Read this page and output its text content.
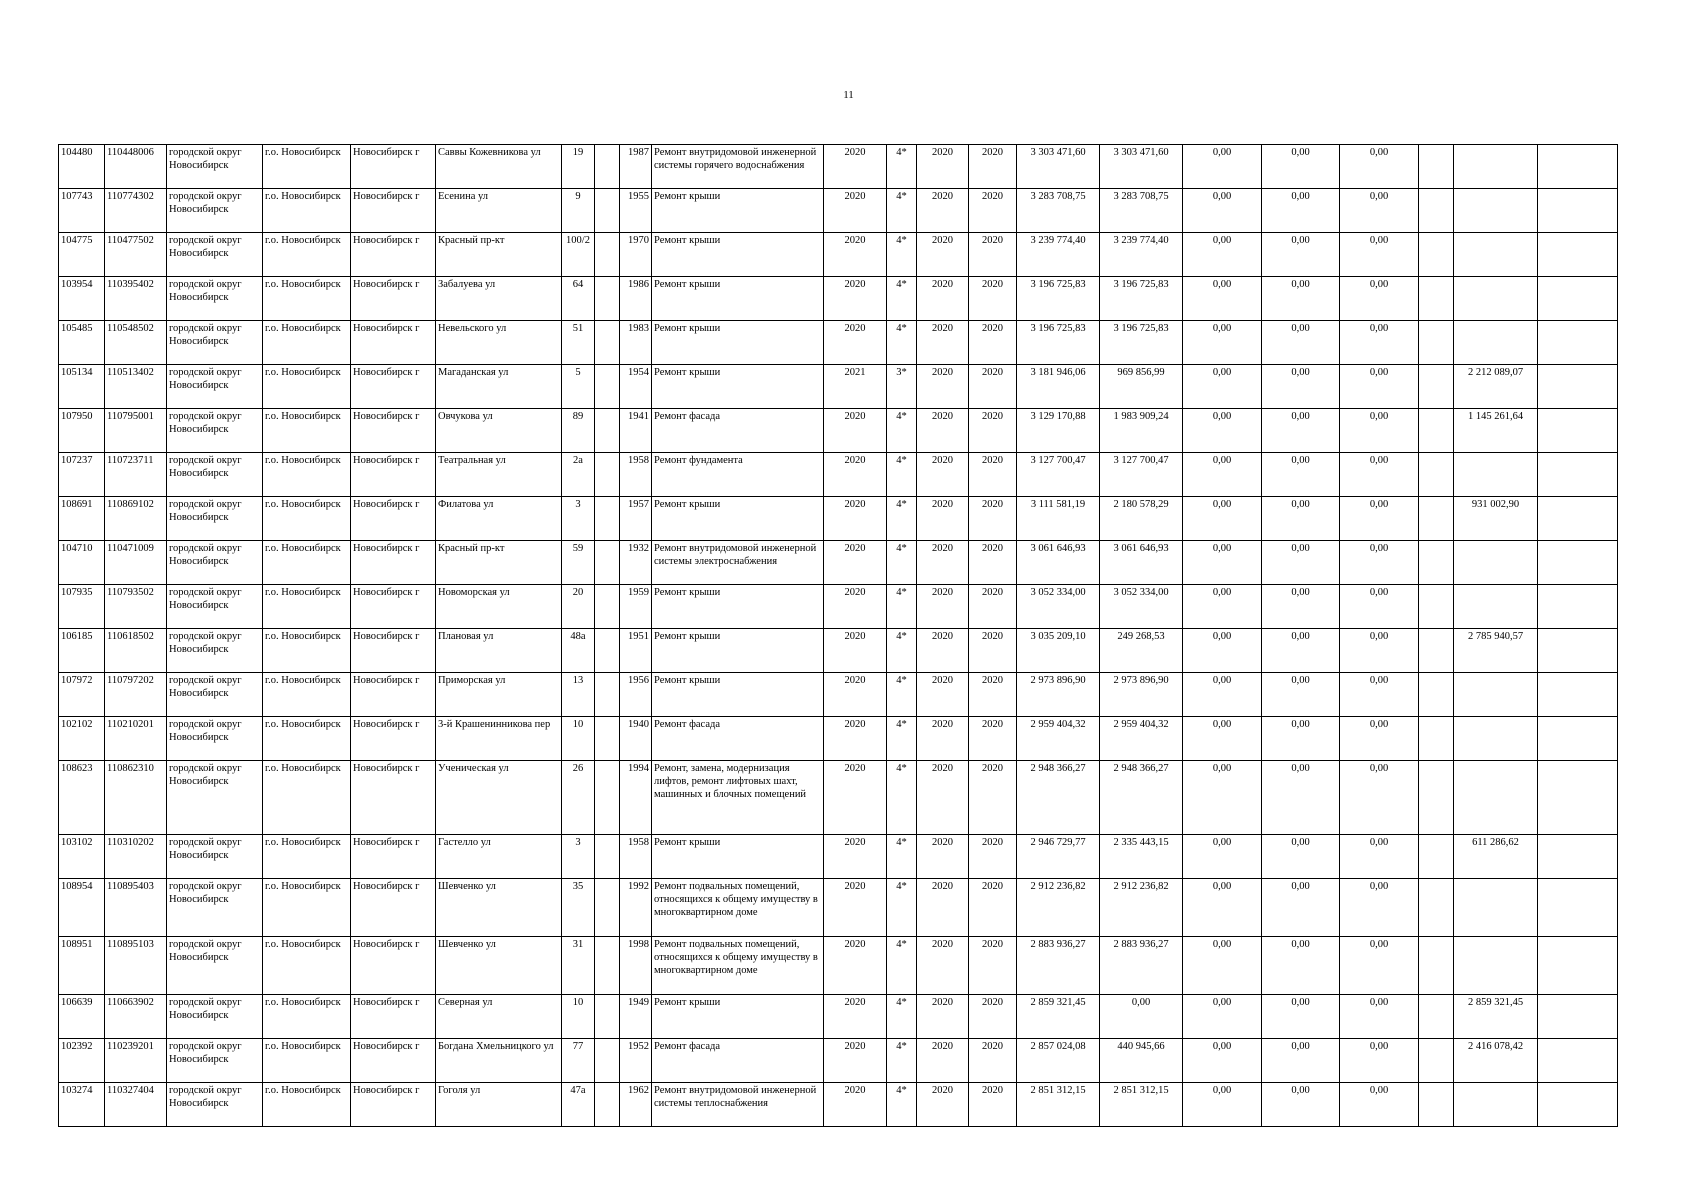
11
104480	110448006	городской округ Новосибирск	г.о. Новосибирск	Новосибирск г	Саввы Кожевникова ул	19		1987	Ремонт внутридомовой инженерной системы горячего водоснабжения	2020	4*	2020	2020	3 303 471,60	3 303 471,60	0,00	0,00	0,00			
107743	110774302	городской округ Новосибирск	г.о. Новосибирск	Новосибирск г	Есенина ул	9		1955	Ремонт крыши	2020	4*	2020	2020	3 283 708,75	3 283 708,75	0,00	0,00	0,00			
104775	110477502	городской округ Новосибирск	г.о. Новосибирск	Новосибирск г	Красный пр-кт	100/2		1970	Ремонт крыши	2020	4*	2020	2020	3 239 774,40	3 239 774,40	0,00	0,00	0,00			
103954	110395402	городской округ Новосибирск	г.о. Новосибирск	Новосибирск г	Забалуева ул	64		1986	Ремонт крыши	2020	4*	2020	2020	3 196 725,83	3 196 725,83	0,00	0,00	0,00			
105485	110548502	городской округ Новосибирск	г.о. Новосибирск	Новосибирск г	Невельского ул	51		1983	Ремонт крыши	2020	4*	2020	2020	3 196 725,83	3 196 725,83	0,00	0,00	0,00			
105134	110513402	городской округ Новосибирск	г.о. Новосибирск	Новосибирск г	Магаданская ул	5		1954	Ремонт крыши	2021	3*	2020	2020	3 181 946,06	969 856,99	0,00	0,00	0,00		2 212 089,07	
107950	110795001	городской округ Новосибирск	г.о. Новосибирск	Новосибирск г	Овчукова ул	89		1941	Ремонт фасада	2020	4*	2020	2020	3 129 170,88	1 983 909,24	0,00	0,00	0,00		1 145 261,64	
107237	110723711	городской округ Новосибирск	г.о. Новосибирск	Новосибирск г	Театральная ул	2а		1958	Ремонт фундамента	2020	4*	2020	2020	3 127 700,47	3 127 700,47	0,00	0,00	0,00			
108691	110869102	городской округ Новосибирск	г.о. Новосибирск	Новосибирск г	Филатова ул	3		1957	Ремонт крыши	2020	4*	2020	2020	3 111 581,19	2 180 578,29	0,00	0,00	0,00		931 002,90	
104710	110471009	городской округ Новосибирск	г.о. Новосибирск	Новосибирск г	Красный пр-кт	59		1932	Ремонт внутридомовой инженерной системы электроснабжения	2020	4*	2020	2020	3 061 646,93	3 061 646,93	0,00	0,00	0,00			
107935	110793502	городской округ Новосибирск	г.о. Новосибирск	Новосибирск г	Новоморская ул	20		1959	Ремонт крыши	2020	4*	2020	2020	3 052 334,00	3 052 334,00	0,00	0,00	0,00			
106185	110618502	городской округ Новосибирск	г.о. Новосибирск	Новосибирск г	Плановая ул	48а		1951	Ремонт крыши	2020	4*	2020	2020	3 035 209,10	249 268,53	0,00	0,00	0,00		2 785 940,57	
107972	110797202	городской округ Новосибирск	г.о. Новосибирск	Новосибирск г	Приморская ул	13		1956	Ремонт крыши	2020	4*	2020	2020	2 973 896,90	2 973 896,90	0,00	0,00	0,00			
102102	110210201	городской округ Новосибирск	г.о. Новосибирск	Новосибирск г	3-й Крашенинникова пер	10		1940	Ремонт фасада	2020	4*	2020	2020	2 959 404,32	2 959 404,32	0,00	0,00	0,00			
108623	110862310	городской округ Новосибирск	г.о. Новосибирск	Новосибирск г	Ученическая ул	26		1994	Ремонт, замена, модернизация лифтов, ремонт лифтовых шахт, машинных и блочных помещений	2020	4*	2020	2020	2 948 366,27	2 948 366,27	0,00	0,00	0,00			
103102	110310202	городской округ Новосибирск	г.о. Новосибирск	Новосибирск г	Гастелло ул	3		1958	Ремонт крыши	2020	4*	2020	2020	2 946 729,77	2 335 443,15	0,00	0,00	0,00		611 286,62	
108954	110895403	городской округ Новосибирск	г.о. Новосибирск	Новосибирск г	Шевченко ул	35		1992	Ремонт подвальных помещений, относящихся к общему имуществу в многоквартирном доме	2020	4*	2020	2020	2 912 236,82	2 912 236,82	0,00	0,00	0,00			
108951	110895103	городской округ Новосибирск	г.о. Новосибирск	Новосибирск г	Шевченко ул	31		1998	Ремонт подвальных помещений, относящихся к общему имуществу в многоквартирном доме	2020	4*	2020	2020	2 883 936,27	2 883 936,27	0,00	0,00	0,00			
106639	110663902	городской округ Новосибирск	г.о. Новосибирск	Новосибирск г	Северная ул	10		1949	Ремонт крыши	2020	4*	2020	2020	2 859 321,45	0,00	0,00	0,00	0,00		2 859 321,45	
102392	110239201	городской округ Новосибирск	г.о. Новосибирск	Новосибирск г	Богдана Хмельницкого ул	77		1952	Ремонт фасада	2020	4*	2020	2020	2 857 024,08	440 945,66	0,00	0,00	0,00		2 416 078,42	
103274	110327404	городской округ Новосибирск	г.о. Новосибирск	Новосибирск г	Гоголя ул	47а		1962	Ремонт внутридомовой инженерной системы теплоснабжения	2020	4*	2020	2020	2 851 312,15	2 851 312,15	0,00	0,00	0,00			
